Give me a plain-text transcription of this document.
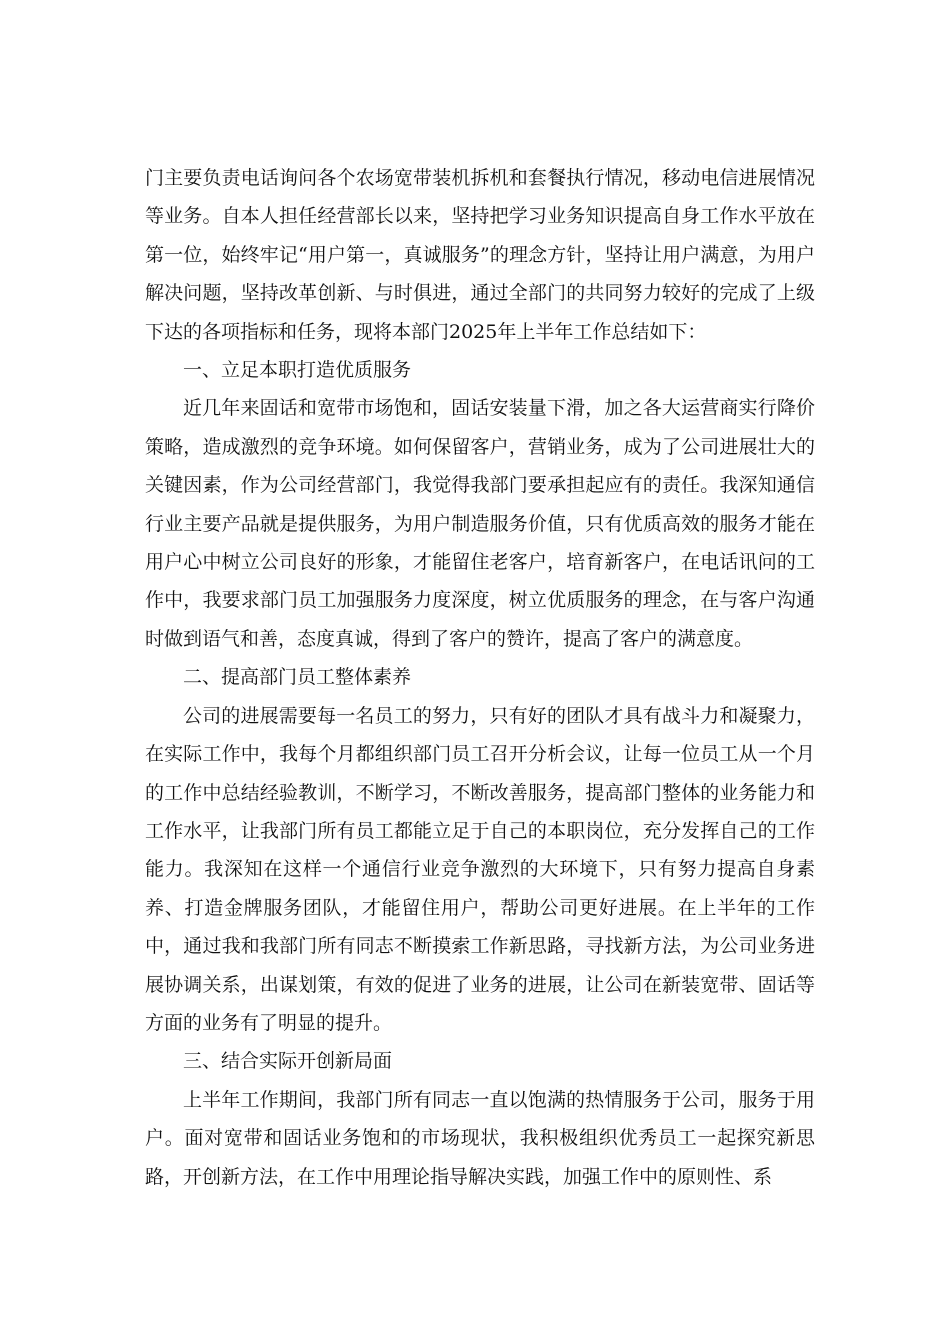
门主要负责电话询问各个农场宽带装机拆机和套餐执行情况，移动电信进展情况等业务。自本人担任经营部长以来，坚持把学习业务知识提高自身工作水平放在第一位，始终牢记“用户第一，真诚服务”的理念方针，坚持让用户满意，为用户解决问题，坚持改革创新、与时俱进，通过全部门的共同努力较好的完成了上级下达的各项指标和任务，现将本部门2025年上半年工作总结如下：

一、立足本职打造优质服务

近几年来固话和宽带市场饱和，固话安装量下滑，加之各大运营商实行降价策略，造成激烈的竞争环境。如何保留客户，营销业务，成为了公司进展壮大的关键因素，作为公司经营部门，我觉得我部门要承担起应有的责任。我深知通信行业主要产品就是提供服务，为用户制造服务价值，只有优质高效的服务才能在用户心中树立公司良好的形象，才能留住老客户，培育新客户，在电话讯问的工作中，我要求部门员工加强服务力度深度，树立优质服务的理念，在与客户沟通时做到语气和善，态度真诚，得到了客户的赞许，提高了客户的满意度。

二、提高部门员工整体素养

公司的进展需要每一名员工的努力，只有好的团队才具有战斗力和凝聚力，在实际工作中，我每个月都组织部门员工召开分析会议，让每一位员工从一个月的工作中总结经验教训，不断学习，不断改善服务，提高部门整体的业务能力和工作水平，让我部门所有员工都能立足于自己的本职岗位，充分发挥自己的工作能力。我深知在这样一个通信行业竞争激烈的大环境下，只有努力提高自身素养、打造金牌服务团队，才能留住用户，帮助公司更好进展。在上半年的工作中，通过我和我部门所有同志不断摸索工作新思路，寻找新方法，为公司业务进展协调关系，出谋划策，有效的促进了业务的进展，让公司在新装宽带、固话等方面的业务有了明显的提升。

三、结合实际开创新局面

上半年工作期间，我部门所有同志一直以饱满的热情服务于公司，服务于用户。面对宽带和固话业务饱和的市场现状，我积极组织优秀员工一起探究新思路，开创新方法，在工作中用理论指导解决实践，加强工作中的原则性、系
